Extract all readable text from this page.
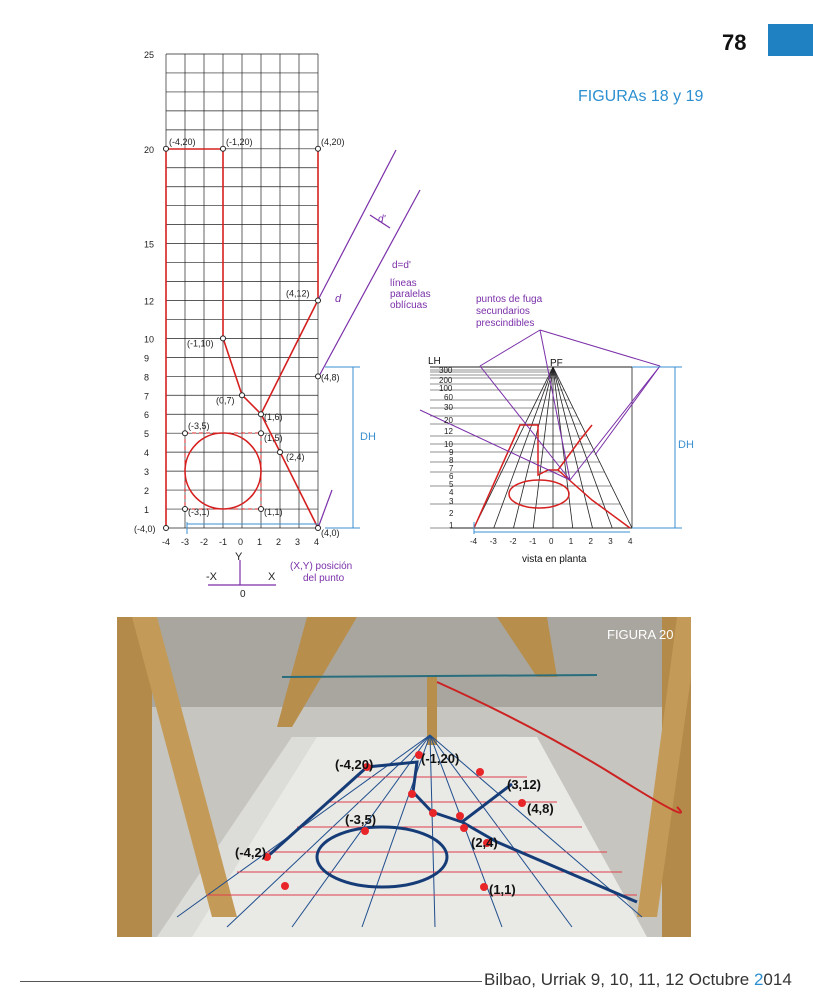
78
FIGURAs 18 y 19
1
2
3
4
5
6
7
8
9
10
12
15
20
25
-4 -3 -2 -1 0 1 2 3 4
(-4,20)	(-1,20)	(4,20)
(4,12)
(-1,10)
(4,8)
(0,7)
(1,6)
(-3,5)
(1,5)
(2,4)
(-3,1)	(1,1)
(-4,0)	(4,0)
Y
-X	X
0
(X,Y) posición
del punto
d'
d
d=d'
líneas
paralelas
oblícuas
DH
LH	PF
puntos de fuga
secundarios
prescindibles
DH
vista en planta
300
200
100
60
30
20
12
10
9
8
7
6
5
4
3
2
1
-4 -3 -2 -1 0 1 2 3 4
FIGURA 20
(-4,20)	(-1,20)
(3,12)
(4,8)
(-3,5)
(2,4)
(-4,2)
(1,1)
Bilbao, Urriak 9, 10, 11, 12 Octubre 2014
